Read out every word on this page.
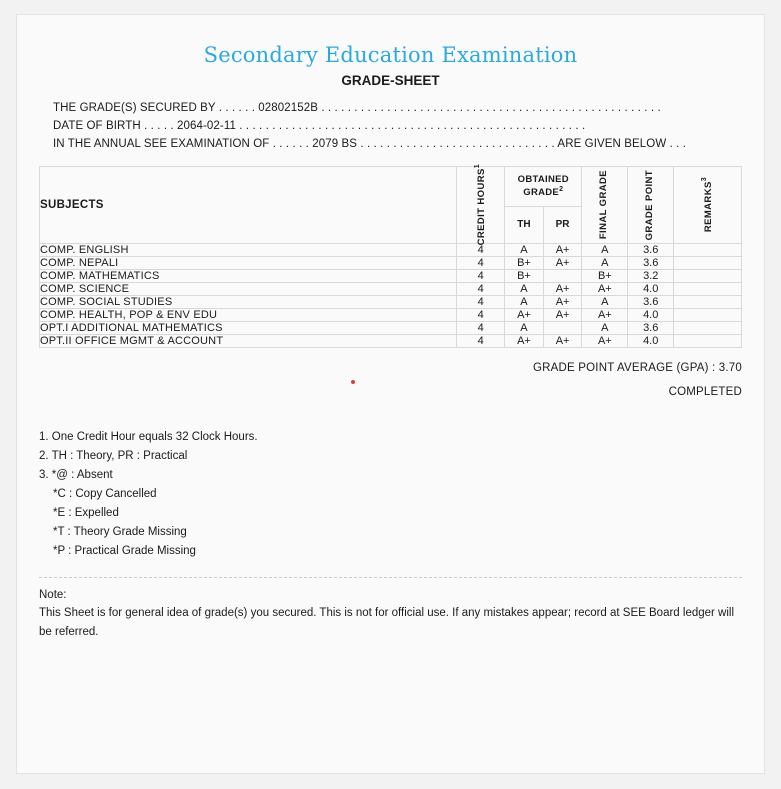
Secondary Education Examination
GRADE-SHEET
THE GRADE(S) SECURED BY . . . . . . 02802152B . . . . . . . . . . . . . . . . . . . . . . . . . . . . . . . . . . . . . . . . . . . . . . . . . . . .
DATE OF BIRTH . . . . . 2064-02-11 . . . . . . . . . . . . . . . . . . . . . . . . . . . . . . . . . . . . . . . . . . . . . . . . . . . . .
IN THE ANNUAL SEE EXAMINATION OF . . . . . . 2079 BS . . . . . . . . . . . . . . . . . . . . . . . . . . . . . . ARE GIVEN BELOW . . .
SUBJECTS	CREDIT HOURS$^1$	OBTAINED GRADE$^2$		FINAL GRADE	GRADE POINT	REMARKS$^3$

		TH	PR			
COMP. ENGLISH	4	A	A+	A	3.6	
COMP. NEPALI	4	B+	A+	A	3.6	
COMP. MATHEMATICS	4	B+		B+	3.2	
COMP. SCIENCE	4	A	A+	A+	4.0	
COMP. SOCIAL STUDIES	4	A	A+	A	3.6	
COMP. HEALTH, POP & ENV EDU	4	A+	A+	A+	4.0	
OPT.I ADDITIONAL MATHEMATICS	4	A		A	3.6	
OPT.II OFFICE MGMT & ACCOUNT	4	A+	A+	A+	4.0	
GRADE POINT AVERAGE (GPA) : 3.70
COMPLETED
1. One Credit Hour equals 32 Clock Hours.
2. TH : Theory, PR : Practical
3. *@ : Absent
*C : Copy Cancelled
*E : Expelled
*T : Theory Grade Missing
*P : Practical Grade Missing
Note:
This Sheet is for general idea of grade(s) you secured. This is not for official use. If any mistakes appear; record at SEE Board ledger will be referred.
